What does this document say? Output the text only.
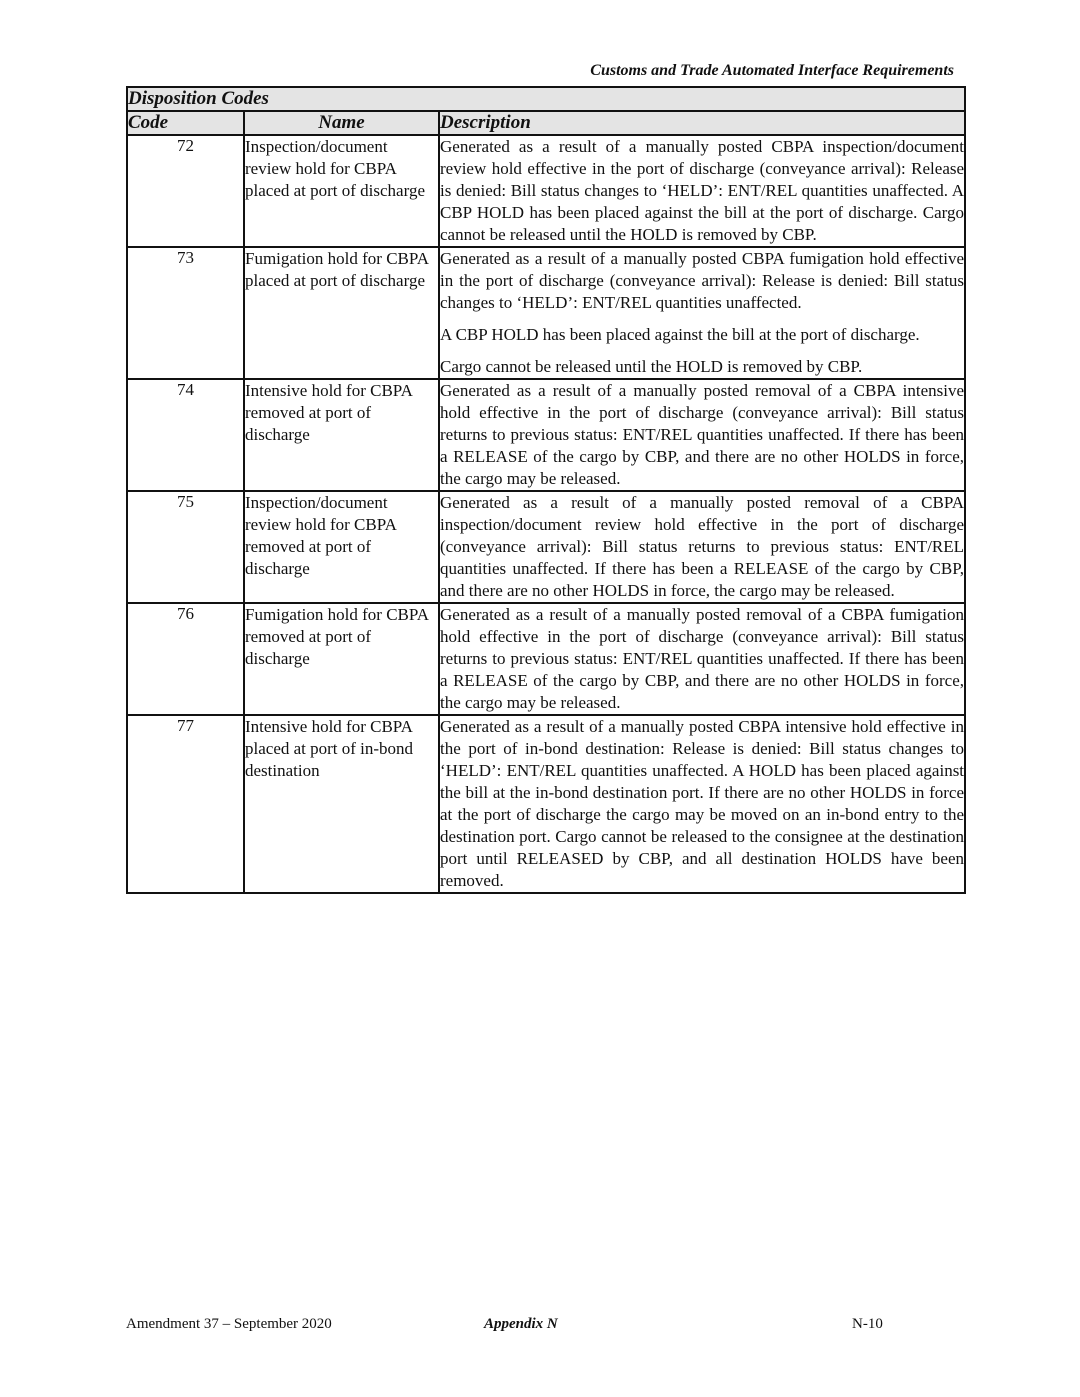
Customs and Trade Automated Interface Requirements
Disposition Codes		
Code	Name	Description
72	Inspection/document review hold for CBPA placed at port of discharge	Generated as a result of a manually posted CBPA inspection/document review hold effective in the port of discharge (conveyance arrival): Release is denied: Bill status changes to ‘HELD’: ENT/REL quantities unaffected. A CBP HOLD has been placed against the bill at the port of discharge. Cargo cannot be released until the HOLD is removed by CBP.

73	Fumigation hold for CBPA placed at port of discharge	Generated as a result of a manually posted CBPA fumigation hold effective in the port of discharge (conveyance arrival): Release is denied: Bill status changes to ‘HELD’: ENT/REL quantities unaffected.

A CBP HOLD has been placed against the bill at the port of discharge.

Cargo cannot be released until the HOLD is removed by CBP.

74	Intensive hold for CBPA removed at port of discharge	Generated as a result of a manually posted removal of a CBPA intensive hold effective in the port of discharge (conveyance arrival): Bill status returns to previous status: ENT/REL quantities unaffected. If there has been a RELEASE of the cargo by CBP, and there are no other HOLDS in force, the cargo may be released.

75	Inspection/document review hold for CBPA removed at port of discharge	Generated as a result of a manually posted removal of a CBPA inspection/document review hold effective in the port of discharge (conveyance arrival): Bill status returns to previous status: ENT/REL quantities unaffected. If there has been a RELEASE of the cargo by CBP, and there are no other HOLDS in force, the cargo may be released.

76	Fumigation hold for CBPA removed at port of discharge	Generated as a result of a manually posted removal of a CBPA fumigation hold effective in the port of discharge (conveyance arrival): Bill status returns to previous status: ENT/REL quantities unaffected. If there has been a RELEASE of the cargo by CBP, and there are no other HOLDS in force, the cargo may be released.

77	Intensive hold for CBPA placed at port of in-bond destination	Generated as a result of a manually posted CBPA intensive hold effective in the port of in-bond destination: Release is denied: Bill status changes to ‘HELD’: ENT/REL quantities unaffected. A HOLD has been placed against the bill at the in-bond destination port. If there are no other HOLDS in force at the port of discharge the cargo may be moved on an in-bond entry to the destination port. Cargo cannot be released to the consignee at the destination port until RELEASED by CBP, and all destination HOLDS have been removed.

Amendment 37 – September 2020	Appendix N	N-10
